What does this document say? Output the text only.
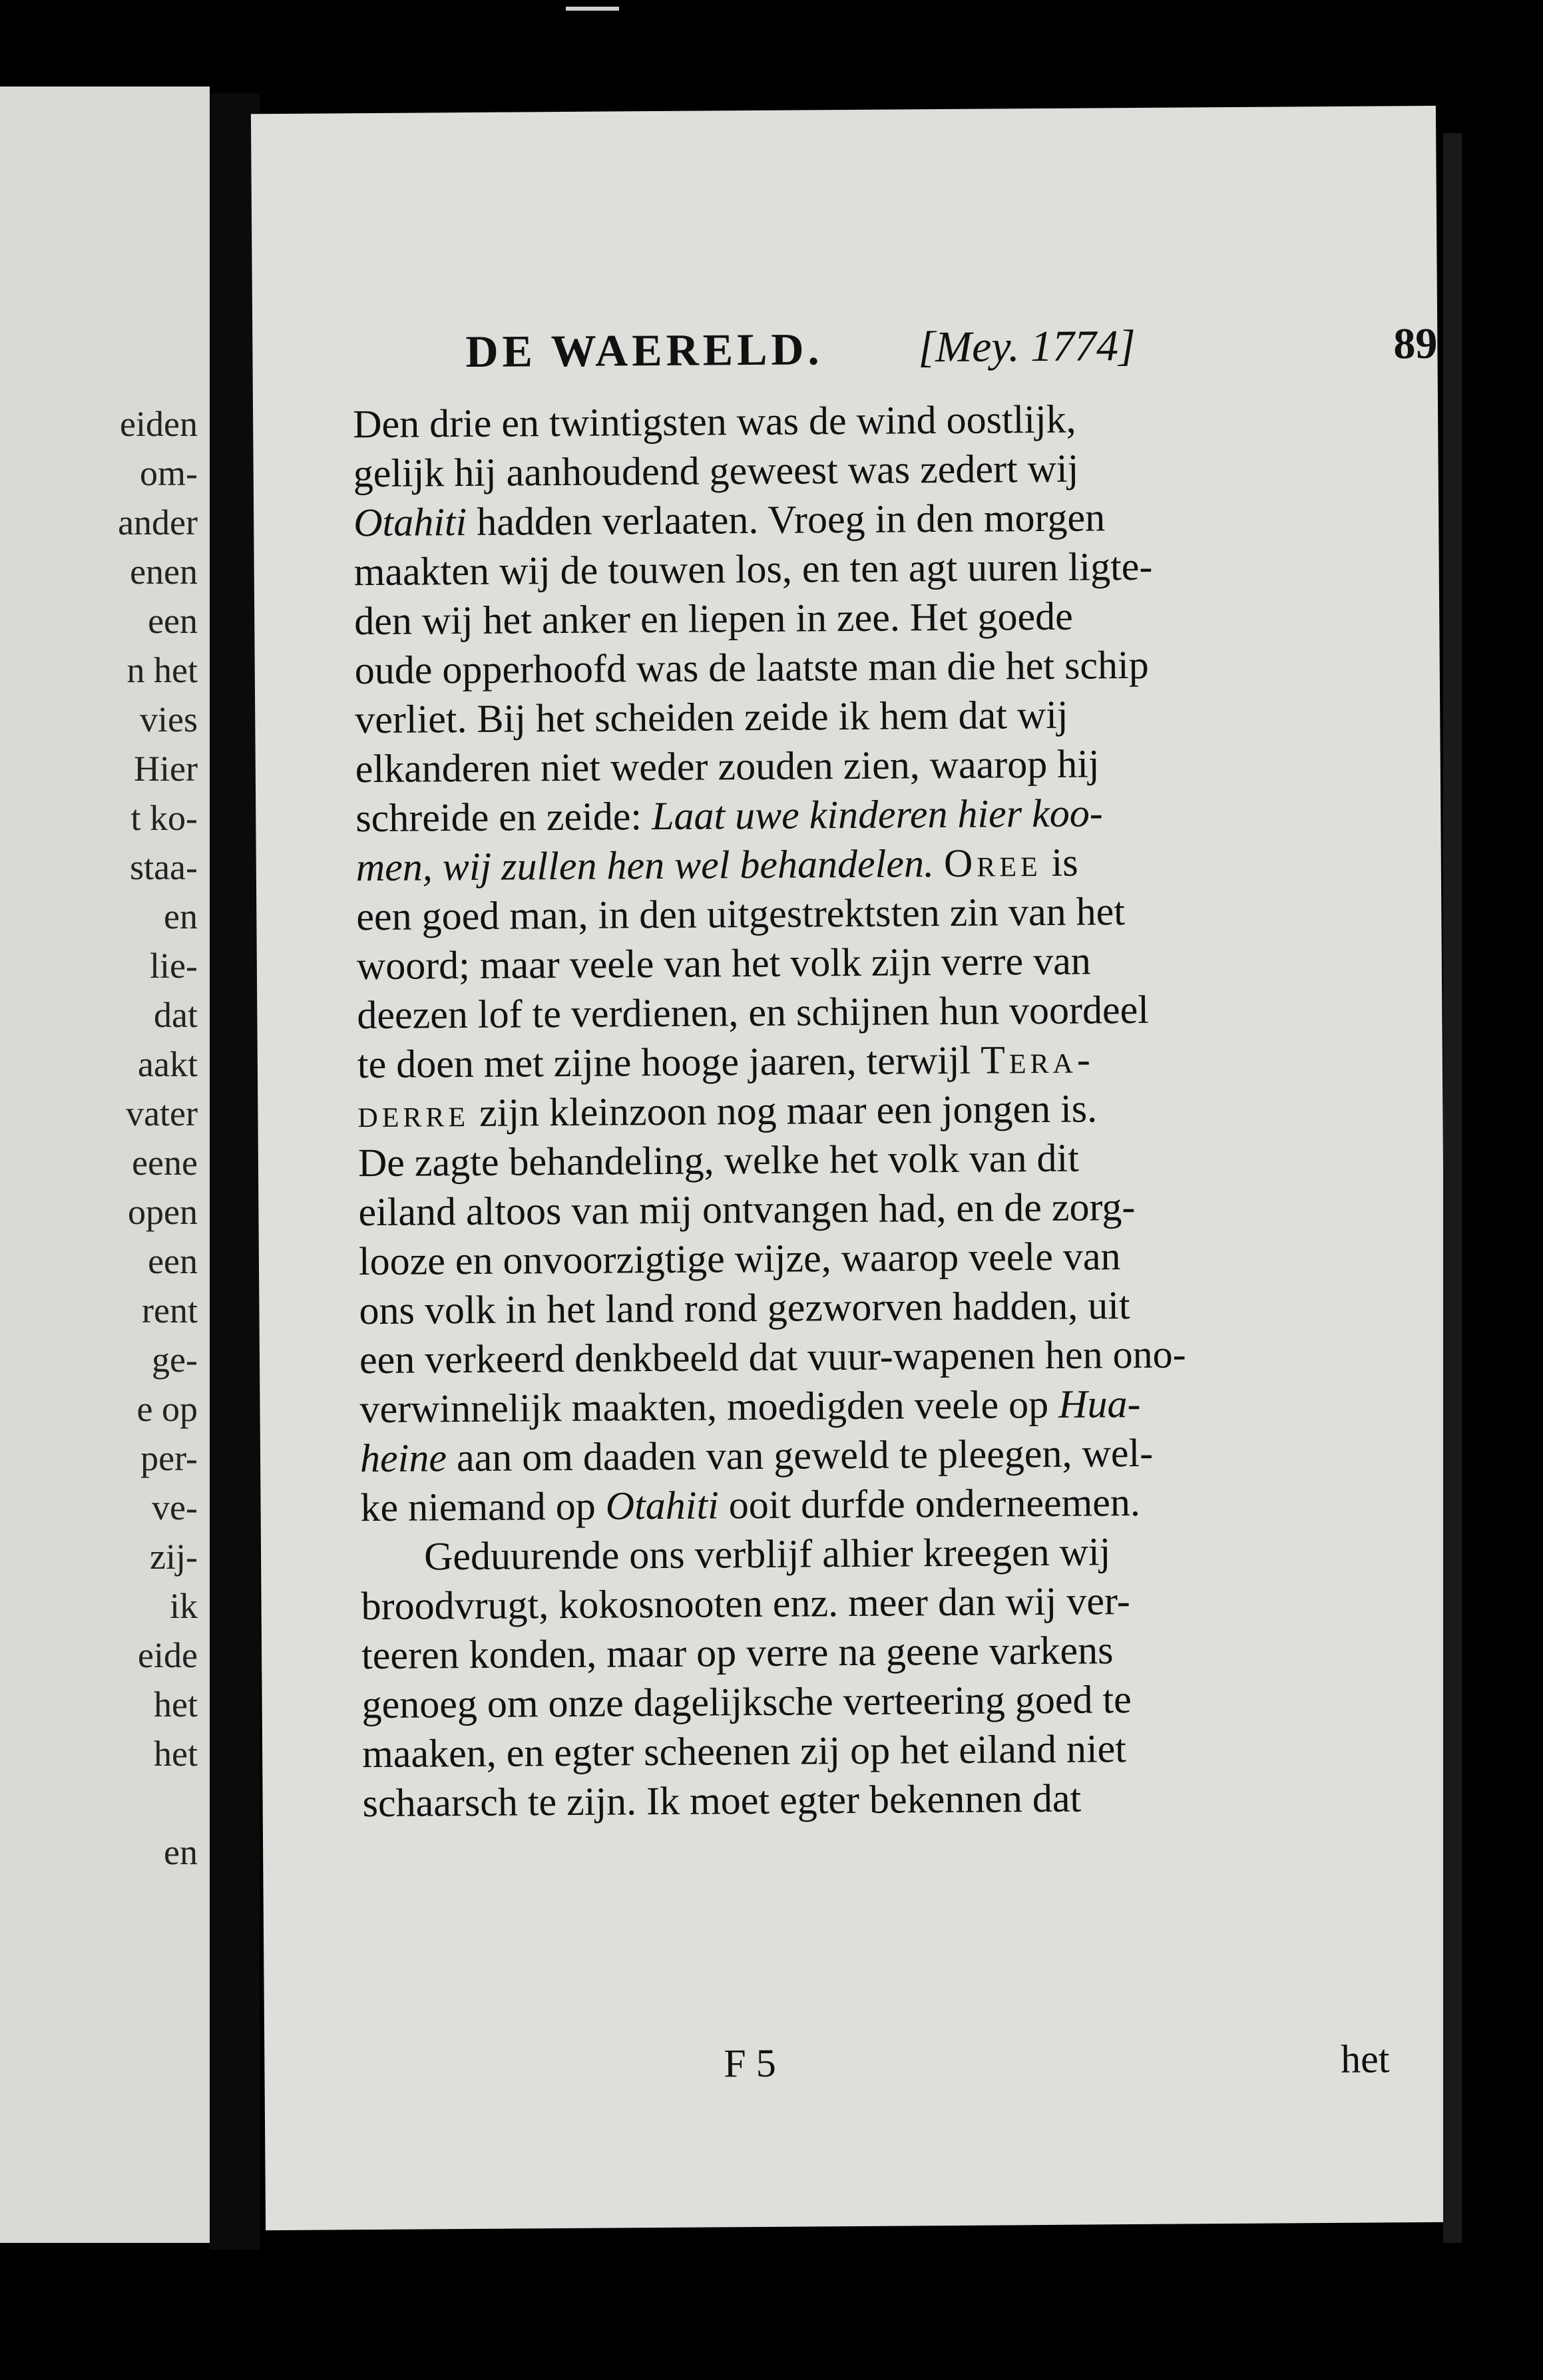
eiden
om-
ander
enen
een
n het
vies
Hier
t ko-
staa-
en
lie-
dat
aakt
vater
eene
open
een
rent
ge-
e op
per-
ve-
zij-
ik
eide
het
het
en
DE WAERELD. [Mey. 1774]	89
Den drie en twintigsten was de wind oostlijk,
gelijk hij aanhoudend geweest was zedert wij
Otahiti hadden verlaaten. Vroeg in den morgen
maakten wij de touwen los, en ten agt uuren ligte-
den wij het anker en liepen in zee. Het goede
oude opperhoofd was de laatste man die het schip
verliet. Bij het scheiden zeide ik hem dat wij
elkanderen niet weder zouden zien, waarop hij
schreide en zeide: Laat uwe kinderen hier koo-
men, wij zullen hen wel behandelen. Oree is
een goed man, in den uitgestrektsten zin van het
woord; maar veele van het volk zijn verre van
deezen lof te verdienen, en schijnen hun voordeel
te doen met zijne hooge jaaren, terwijl Tera-
derre zijn kleinzoon nog maar een jongen is.
De zagte behandeling, welke het volk van dit
eiland altoos van mij ontvangen had, en de zorg-
looze en onvoorzigtige wijze, waarop veele van
ons volk in het land rond gezworven hadden, uit
een verkeerd denkbeeld dat vuur-wapenen hen ono-
verwinnelijk maakten, moedigden veele op Hua-
heine aan om daaden van geweld te pleegen, wel-
ke niemand op Otahiti ooit durfde onderneemen.
Geduurende ons verblijf alhier kreegen wij
broodvrugt, kokosnooten enz. meer dan wij ver-
teeren konden, maar op verre na geene varkens
genoeg om onze dagelijksche verteering goed te
maaken, en egter scheenen zij op het eiland niet
schaarsch te zijn. Ik moet egter bekennen dat
F 5	het
